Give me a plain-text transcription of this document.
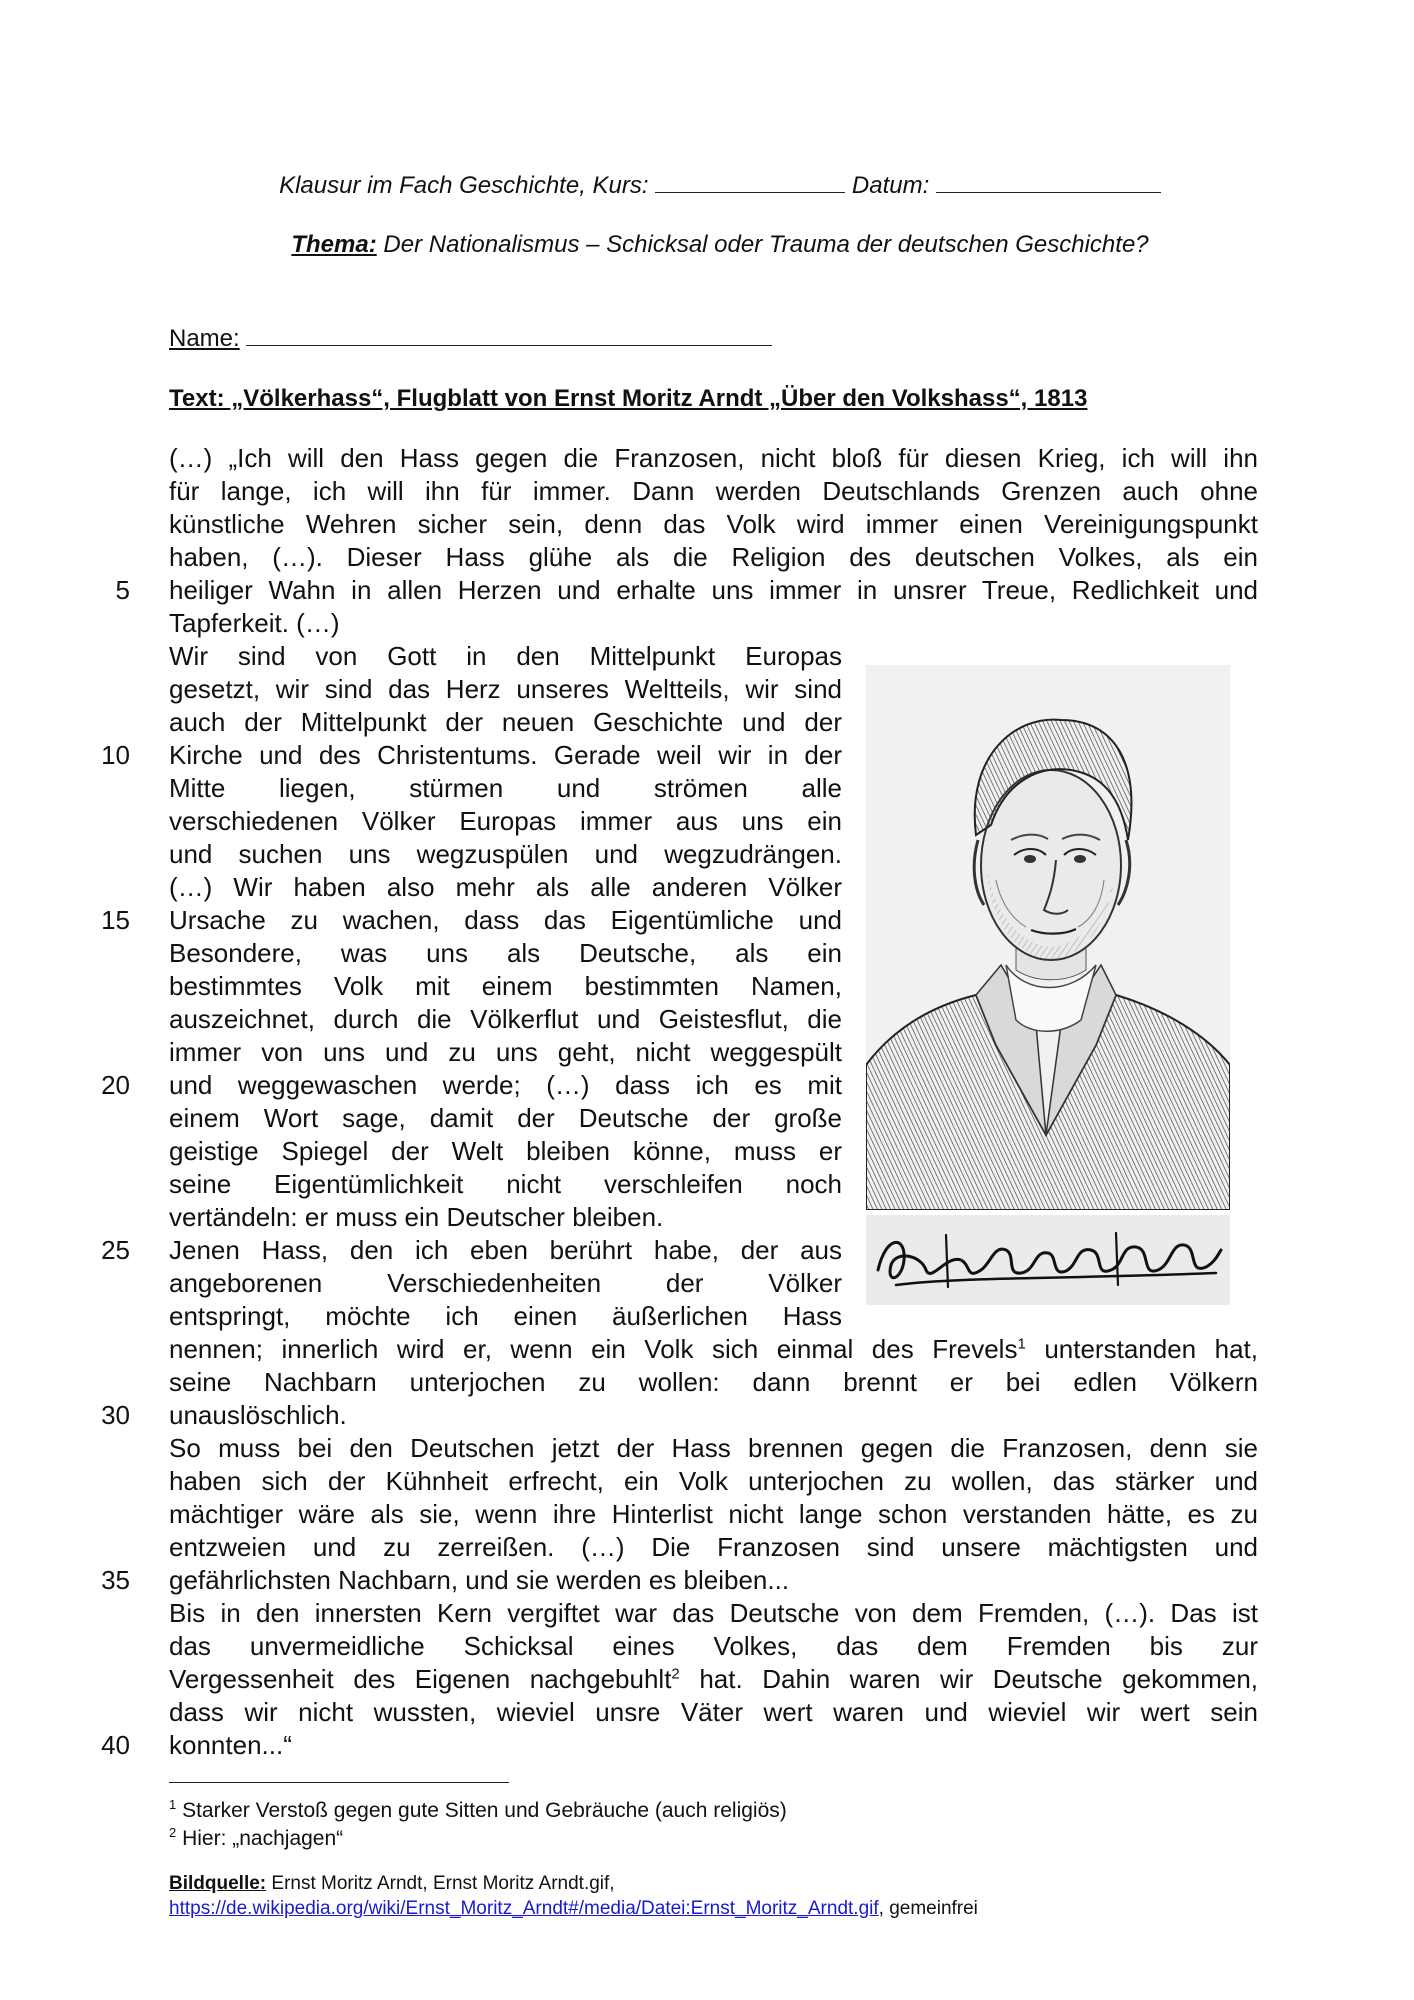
Klausur im Fach Geschichte, Kurs:	Datum:
Thema: Der Nationalismus – Schicksal oder Trauma der deutschen Geschichte?
Name:
Text: „Völkerhass“, Flugblatt von Ernst Moritz Arndt „Über den Volkshass“, 1813
5
10
15
20
25
30
35
40
(…) „Ich will den Hass gegen die Franzosen, nicht bloß für diesen Krieg, ich will ihn
für lange, ich will ihn für immer. Dann werden Deutschlands Grenzen auch ohne
künstliche Wehren sicher sein, denn das Volk wird immer einen Vereinigungspunkt
haben, (…). Dieser Hass glühe als die Religion des deutschen Volkes, als ein
heiliger Wahn in allen Herzen und erhalte uns immer in unsrer Treue, Redlichkeit und
Tapferkeit. (…)
Wir sind von Gott in den Mittelpunkt Europas
gesetzt, wir sind das Herz unseres Weltteils, wir sind
auch der Mittelpunkt der neuen Geschichte und der
Kirche und des Christentums. Gerade weil wir in der
Mitte liegen, stürmen und strömen alle
verschiedenen Völker Europas immer aus uns ein
und suchen uns wegzuspülen und wegzudrängen.
(…) Wir haben also mehr als alle anderen Völker
Ursache zu wachen, dass das Eigentümliche und
Besondere, was uns als Deutsche, als ein
bestimmtes Volk mit einem bestimmten Namen,
auszeichnet, durch die Völkerflut und Geistesflut, die
immer von uns und zu uns geht, nicht weggespült
und weggewaschen werde; (…) dass ich es mit
einem Wort sage, damit der Deutsche der große
geistige Spiegel der Welt bleiben könne, muss er
seine Eigentümlichkeit nicht verschleifen noch
vertändeln: er muss ein Deutscher bleiben.
Jenen Hass, den ich eben berührt habe, der aus
angeborenen Verschiedenheiten der Völker
entspringt, möchte ich einen äußerlichen Hass
nennen; innerlich wird er, wenn ein Volk sich einmal des Frevels$^1$ unterstanden hat,
seine Nachbarn unterjochen zu wollen: dann brennt er bei edlen Völkern
unauslöschlich.
So muss bei den Deutschen jetzt der Hass brennen gegen die Franzosen, denn sie
haben sich der Kühnheit erfrecht, ein Volk unterjochen zu wollen, das stärker und
mächtiger wäre als sie, wenn ihre Hinterlist nicht lange schon verstanden hätte, es zu
entzweien und zu zerreißen. (…) Die Franzosen sind unsere mächtigsten und
gefährlichsten Nachbarn, und sie werden es bleiben...
Bis in den innersten Kern vergiftet war das Deutsche von dem Fremden, (…). Das ist
das unvermeidliche Schicksal eines Volkes, das dem Fremden bis zur
Vergessenheit des Eigenen nachgebuhlt$^2$ hat. Dahin waren wir Deutsche gekommen,
dass wir nicht wussten, wieviel unsre Väter wert waren und wieviel wir wert sein
konnten...“
$^1$ Starker Verstoß gegen gute Sitten und Gebräuche (auch religiös)
$^2$ Hier: „nachjagen“
Bildquelle: Ernst Moritz Arndt, Ernst Moritz Arndt.gif,
https://de.wikipedia.org/wiki/Ernst_Moritz_Arndt#/media/Datei:Ernst_Moritz_Arndt.gif, gemeinfrei
